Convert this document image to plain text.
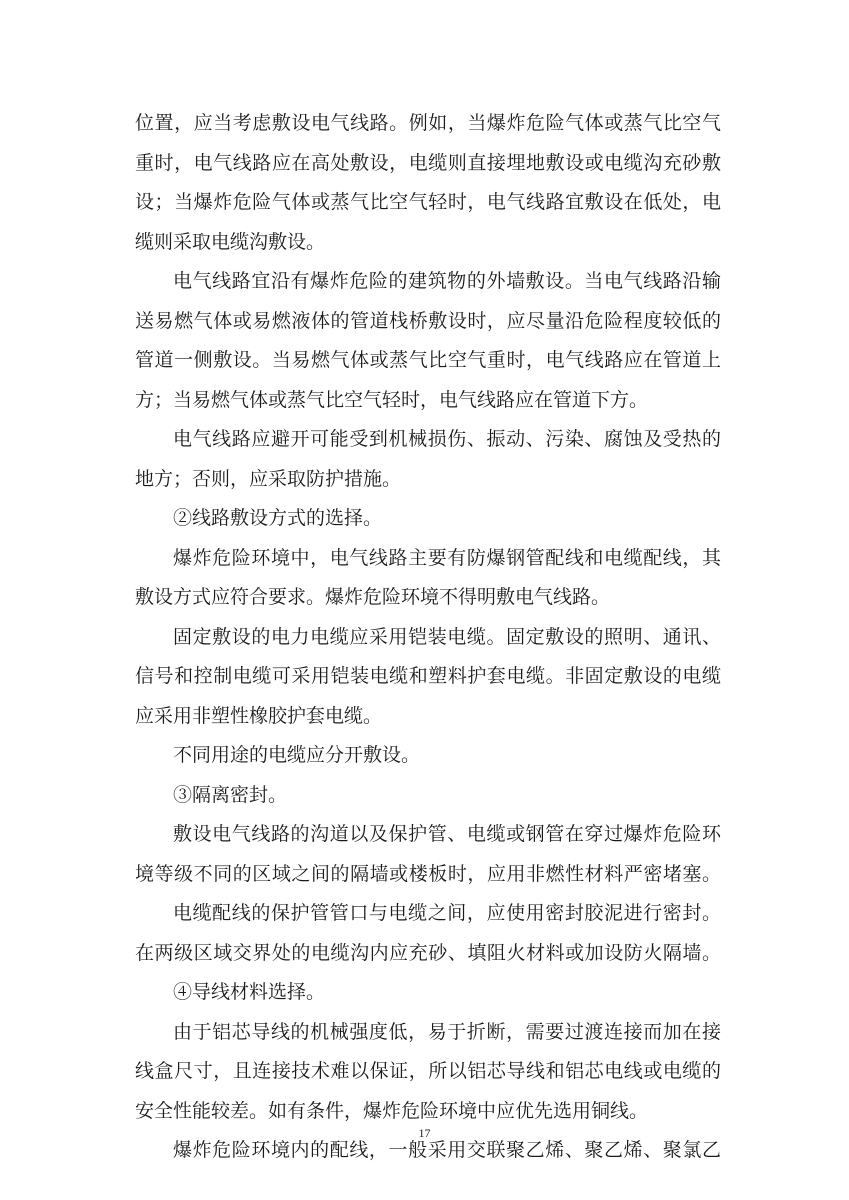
位置，应当考虑敷设电气线路。例如，当爆炸危险气体或蒸气比空气
重时，电气线路应在高处敷设，电缆则直接埋地敷设或电缆沟充砂敷
设；当爆炸危险气体或蒸气比空气轻时，电气线路宜敷设在低处，电
缆则采取电缆沟敷设。
电气线路宜沿有爆炸危险的建筑物的外墙敷设。当电气线路沿输
送易燃气体或易燃液体的管道栈桥敷设时，应尽量沿危险程度较低的
管道一侧敷设。当易燃气体或蒸气比空气重时，电气线路应在管道上
方；当易燃气体或蒸气比空气轻时，电气线路应在管道下方。
电气线路应避开可能受到机械损伤、振动、污染、腐蚀及受热的
地方；否则，应采取防护措施。
②线路敷设方式的选择。
爆炸危险环境中，电气线路主要有防爆钢管配线和电缆配线，其
敷设方式应符合要求。爆炸危险环境不得明敷电气线路。
固定敷设的电力电缆应采用铠装电缆。固定敷设的照明、通讯、
信号和控制电缆可采用铠装电缆和塑料护套电缆。非固定敷设的电缆
应采用非塑性橡胶护套电缆。
不同用途的电缆应分开敷设。
③隔离密封。
敷设电气线路的沟道以及保护管、电缆或钢管在穿过爆炸危险环
境等级不同的区域之间的隔墙或楼板时，应用非燃性材料严密堵塞。
电缆配线的保护管管口与电缆之间，应使用密封胶泥进行密封。
在两级区域交界处的电缆沟内应充砂、填阻火材料或加设防火隔墙。
④导线材料选择。
由于铝芯导线的机械强度低，易于折断，需要过渡连接而加在接
线盒尺寸，且连接技术难以保证，所以铝芯导线和铝芯电线或电缆的
安全性能较差。如有条件，爆炸危险环境中应优先选用铜线。
爆炸危险环境内的配线，一般采用交联聚乙烯、聚乙烯、聚氯乙
17
